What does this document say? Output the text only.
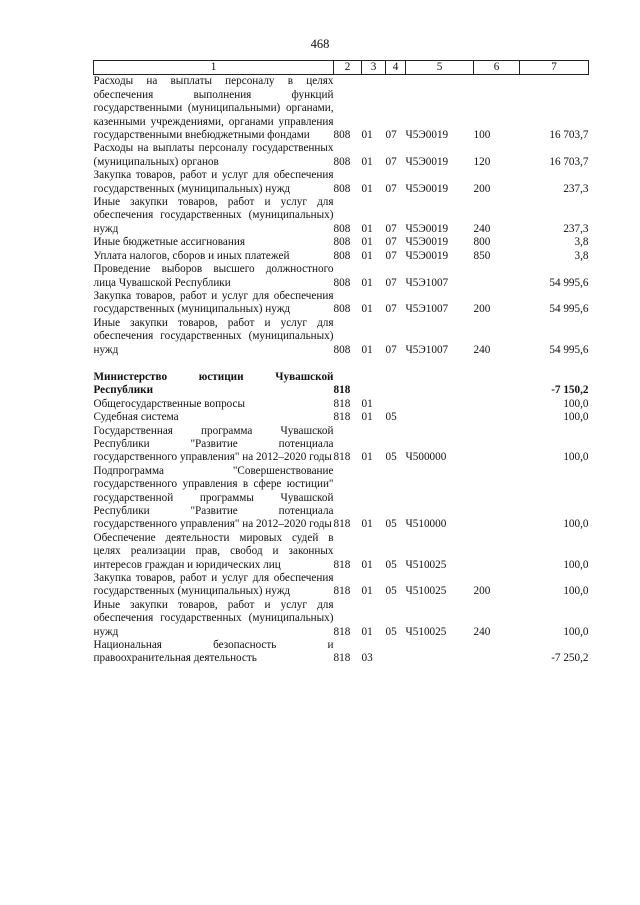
468
1	2	3	4	5	6	7
Расходы на выплаты персоналу в целях обеспечения выполнения функций государственными (муниципальными) органами, казенными учреждениями, органами управления государственными внебюджетными фондами	808	01	07	Ч5Э0019	100	16 703,7
Расходы на выплаты персоналу государственных (муниципальных) органов	808	01	07	Ч5Э0019	120	16 703,7
Закупка товаров, работ и услуг для обеспечения государственных (муниципальных) нужд	808	01	07	Ч5Э0019	200	237,3
Иные закупки товаров, работ и услуг для обеспечения государственных (муниципальных) нужд	808	01	07	Ч5Э0019	240	237,3
Иные бюджетные ассигнования	808	01	07	Ч5Э0019	800	3,8
Уплата налогов, сборов и иных платежей	808	01	07	Ч5Э0019	850	3,8
Проведение выборов высшего должностного лица Чувашской Республики	808	01	07	Ч5Э1007		54 995,6
Закупка товаров, работ и услуг для обеспечения государственных (муниципальных) нужд	808	01	07	Ч5Э1007	200	54 995,6
Иные закупки товаров, работ и услуг для обеспечения государственных (муниципальных) нужд	808	01	07	Ч5Э1007	240	54 995,6

Министерство юстиции Чувашской Республики	818					-7 150,2
Общегосударственные вопросы	818	01				100,0
Судебная система	818	01	05			100,0
Государственная программа Чувашской Республики "Развитие потенциала государственного управления" на 2012–2020 годы	818	01	05	Ч500000		100,0
Подпрограмма "Совершенствование государственного управления в сфере юстиции" государственной программы Чувашской Республики "Развитие потенциала государственного управления" на 2012–2020 годы	818	01	05	Ч510000		100,0
Обеспечение деятельности мировых судей в целях реализации прав, свобод и законных интересов граждан и юридических лиц	818	01	05	Ч510025		100,0
Закупка товаров, работ и услуг для обеспечения государственных (муниципальных) нужд	818	01	05	Ч510025	200	100,0
Иные закупки товаров, работ и услуг для обеспечения государственных (муниципальных) нужд	818	01	05	Ч510025	240	100,0
Национальная безопасность и правоохранительная деятельность	818	03				-7 250,2
